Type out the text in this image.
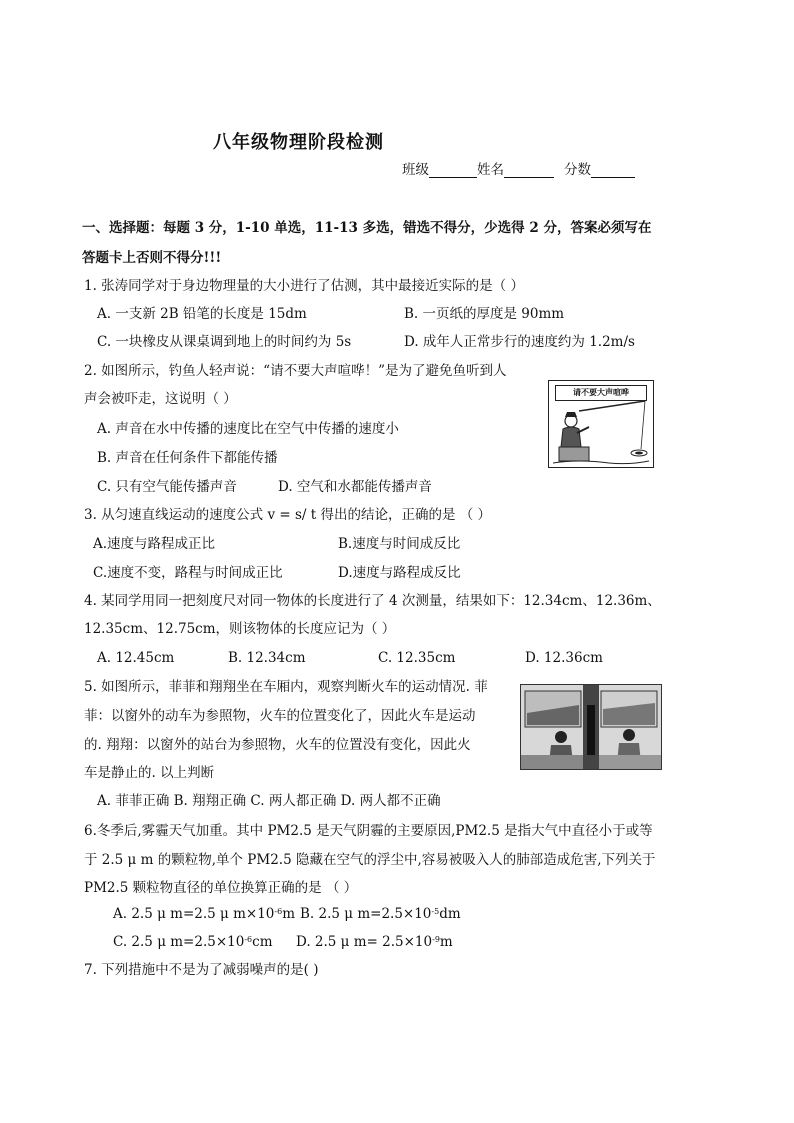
八年级物理阶段检测
班级	姓名	分数
一、选择题：每题 3 分，1-10 单选，11-13 多选，错选不得分，少选得 2 分，答案必须写在
答题卡上否则不得分!!!
1. 张涛同学对于身边物理量的大小进行了估测，其中最接近实际的是（ ）
A. 一支新 2B 铅笔的长度是 15dm	B. 一页纸的厚度是 90mm
C. 一块橡皮从课桌调到地上的时间约为 5s	D. 成年人正常步行的速度约为 1.2m/s
2. 如图所示，钓鱼人轻声说：“请不要大声喧哗！”是为了避免鱼听到人
声会被吓走，这说明（ ）
A. 声音在水中传播的速度比在空气中传播的速度小
B. 声音在任何条件下都能传播
C. 只有空气能传播声音	D. 空气和水都能传播声音
请不要大声喧哗
3. 从匀速直线运动的速度公式 v = s/ t 得出的结论，正确的是 （ ）
A.速度与路程成正比	B.速度与时间成反比
C.速度不变，路程与时间成正比	D.速度与路程成反比
4. 某同学用同一把刻度尺对同一物体的长度进行了 4 次测量，结果如下：12.34cm、12.36m、
12.35cm、12.75cm，则该物体的长度应记为（ ）
A. 12.45cm	B. 12.34cm	C. 12.35cm	D. 12.36cm
5. 如图所示，菲菲和翔翔坐在车厢内，观察判断火车的运动情况. 菲
菲：以窗外的动车为参照物，火车的位置变化了，因此火车是运动
的. 翔翔：以窗外的站台为参照物，火车的位置没有变化，因此火
车是静止的. 以上判断
A. 菲菲正确 B. 翔翔正确 C. 两人都正确 D. 两人都不正确
6.冬季后,雾霾天气加重。其中 PM2.5 是天气阴霾的主要原因,PM2.5 是指大气中直径小于或等
于 2.5 μ m 的颗粒物,单个 PM2.5 隐藏在空气的浮尘中,容易被吸入人的肺部造成危害,下列关于
PM2.5 颗粒物直径的单位换算正确的是 （ ）
A. 2.5 μ m=2.5 μ $m\times 10^{-6}m$ B. 2.5 μ $m=2.5\times 10^{-5}dm$
C. 2.5 μ $m=2.5\times 10^{-6}cm$ D. 2.5 μ $m= 2.5\times 10^{-9}m$
7. 下列措施中不是为了减弱噪声的是( )
